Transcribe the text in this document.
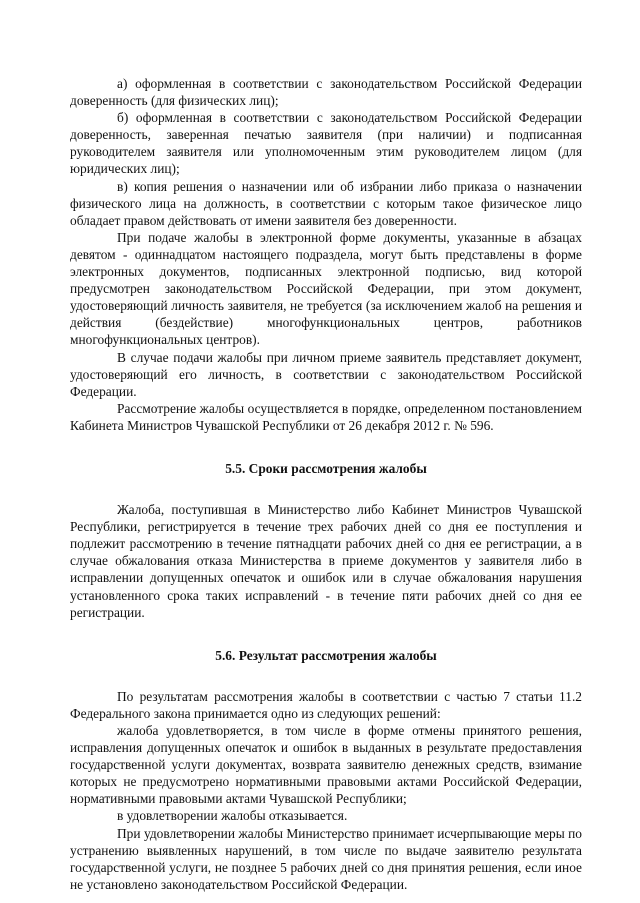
а) оформленная в соответствии с законодательством Российской Федерации доверенность (для физических лиц);

б) оформленная в соответствии с законодательством Российской Федерации доверенность, заверенная печатью заявителя (при наличии) и подписанная руководителем заявителя или уполномоченным этим руководителем лицом (для юридических лиц);

в) копия решения о назначении или об избрании либо приказа о назначении физического лица на должность, в соответствии с которым такое физическое лицо обладает правом действовать от имени заявителя без доверенности.

При подаче жалобы в электронной форме документы, указанные в абзацах девятом - одиннадцатом настоящего подраздела, могут быть представлены в форме электронных документов, подписанных электронной подписью, вид которой предусмотрен законодательством Российской Федерации, при этом документ, удостоверяющий личность заявителя, не требуется (за исключением жалоб на решения и действия (бездействие) многофункциональных центров, работников многофункциональных центров).

В случае подачи жалобы при личном приеме заявитель представляет документ, удостоверяющий его личность, в соответствии с законодательством Российской Федерации.

Рассмотрение жалобы осуществляется в порядке, определенном постановлением Кабинета Министров Чувашской Республики от 26 декабря 2012 г. № 596.

5.5. Сроки рассмотрения жалобы

Жалоба, поступившая в Министерство либо Кабинет Министров Чувашской Республики, регистрируется в течение трех рабочих дней со дня ее поступления и подлежит рассмотрению в течение пятнадцати рабочих дней со дня ее регистрации, а в случае обжалования отказа Министерства в приеме документов у заявителя либо в исправлении допущенных опечаток и ошибок или в случае обжалования нарушения установленного срока таких исправлений - в течение пяти рабочих дней со дня ее регистрации.

5.6. Результат рассмотрения жалобы

По результатам рассмотрения жалобы в соответствии с частью 7 статьи 11.2 Федерального закона принимается одно из следующих решений:

жалоба удовлетворяется, в том числе в форме отмены принятого решения, исправления допущенных опечаток и ошибок в выданных в результате предоставления государственной услуги документах, возврата заявителю денежных средств, взимание которых не предусмотрено нормативными правовыми актами Российской Федерации, нормативными правовыми актами Чувашской Республики;

в удовлетворении жалобы отказывается.

При удовлетворении жалобы Министерство принимает исчерпывающие меры по устранению выявленных нарушений, в том числе по выдаче заявителю результата государственной услуги, не позднее 5 рабочих дней со дня принятия решения, если иное не установлено законодательством Российской Федерации.
